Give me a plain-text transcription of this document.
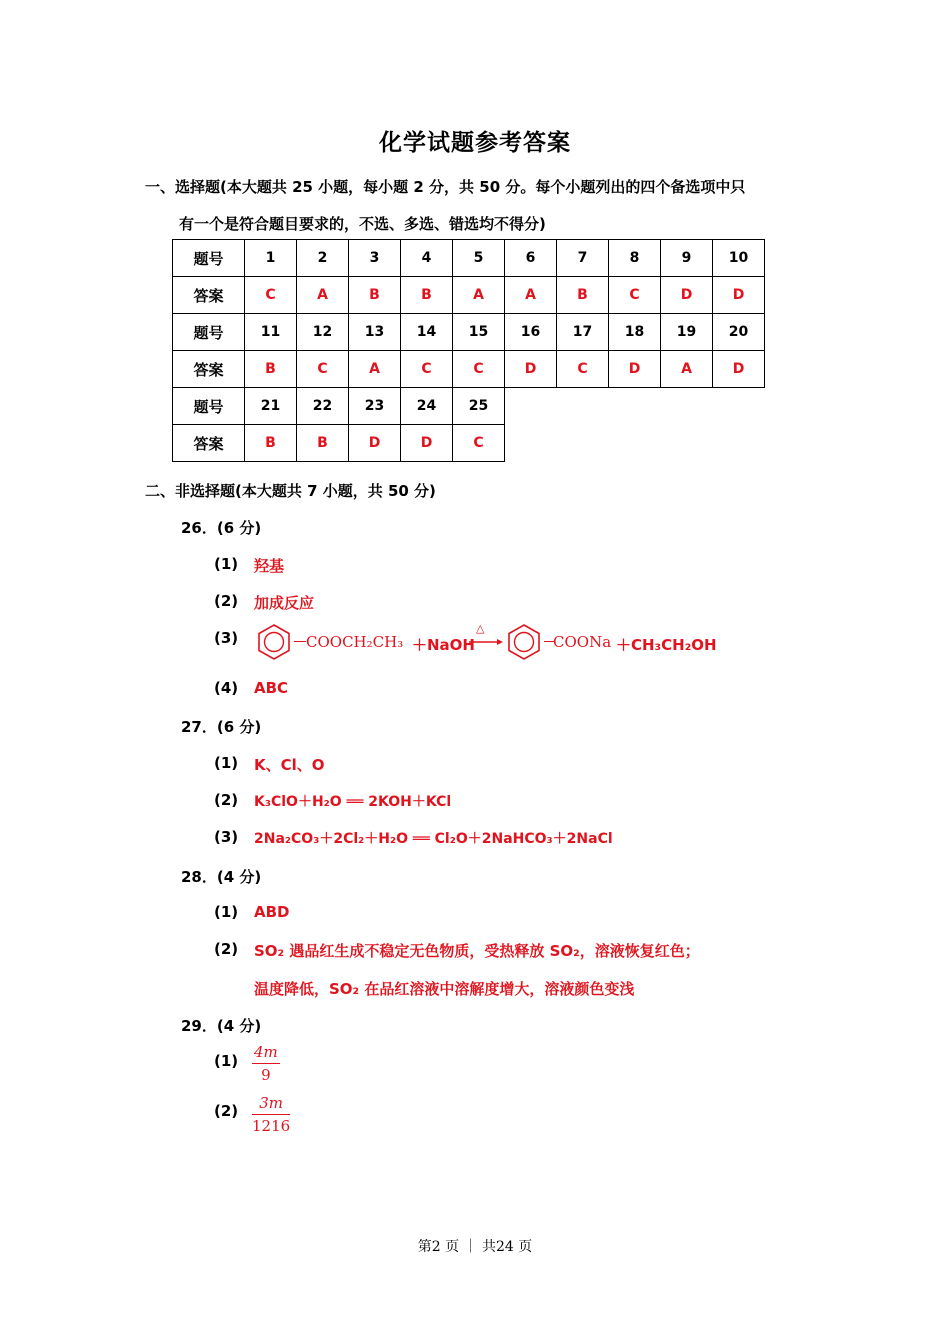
化学试题参考答案
一、选择题(本大题共 25 小题，每小题 2 分，共 50 分。每个小题列出的四个备选项中只
有一个是符合题目要求的，不选、多选、错选均不得分)
题号	1	2	3	4	5	6	7	8	9	10
答案	C	A	B	B	A	A	B	C	D	D
题号	11	12	13	14	15	16	17	18	19	20
答案	B	C	A	C	C	D	C	D	A	D
题号	21	22	23	24	25					
答案	B	B	D	D	C					
二、非选择题(本大题共 7 小题，共 50 分)
26．(6 分)
(1) 羟基
(2) 加成反应
(3)	COOCH₂CH₃ ＋NaOH
△
COONa ＋CH₃CH₂OH
(4) ABC
27．(6 分)
(1) K、Cl、O
(2) K₃ClO＋H₂O ══ 2KOH＋KCl
(3) 2Na₂CO₃＋2Cl₂＋H₂O ══ Cl₂O＋2NaHCO₃＋2NaCl
28．(4 分)
(1) ABD
(2) SO₂ 遇品红生成不稳定无色物质，受热释放 SO₂，溶液恢复红色；
温度降低，SO₂ 在品红溶液中溶解度增大，溶液颜色变浅
29．(4 分)
$(1) \frac{4m}{9}$
$(2) \frac{3m}{1216}$
第2 页 ｜ 共24 页
